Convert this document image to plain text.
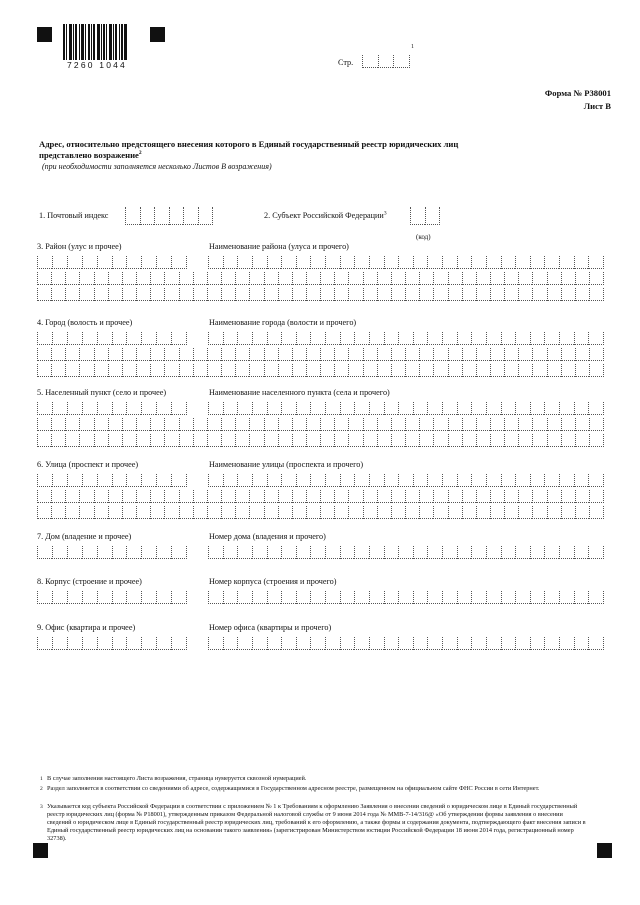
7260 1044	Стр.
1
Форма № Р38001
Лист В
Адрес, относительно предстоящего внесения которого в Единый государственный реестр юридических лиц
представлено возражение$^2$
(при необходимости заполняется несколько Листов В возражения)
1. Почтовый индекс	2. Субъект Российской Федерации$^3$
(код)
3. Район (улус и прочее)	Наименование района (улуса и прочего)
4. Город (волость и прочее)	Наименование города (волости и прочего)
5. Населенный пункт (село и прочее)	Наименование населенного пункта (села и прочего)
6. Улица (проспект и прочее)	Наименование улицы (проспекта и прочего)
7. Дом (владение и прочее)	Номер дома (владения и прочего)
8. Корпус (строение и прочее)	Номер корпуса (строения и прочего)
9. Офис (квартира и прочее)	Номер офиса (квартиры и прочего)
1 В случае заполнения настоящего Листа возражения, страница нумеруется сквозной нумерацией.
2 Раздел заполняется в соответствии со сведениями об адресе, содержащимися в Государственном адресном реестре, размещенном на официальном сайте ФНС России в сети Интернет.
3 Указывается код субъекта Российской Федерации в соответствии с приложением № 1 к Требованиям к оформлению Заявления о внесении сведений о юридическом лице в Единый государственный реестр юридических лиц (форма № Р18001), утвержденным приказом Федеральной налоговой службы от 9 июня 2014 года № ММВ-7-14/316@ «Об утверждении формы заявления о внесении сведений о юридическом лице в Единый государственный реестр юридических лиц, требований к его оформлению, а также формы и содержания документа, подтверждающего факт внесения записи в Единый государственный реестр юридических лиц на основании такого заявления» (зарегистрирован Министерством юстиции Российской Федерации 18 июня 2014 года, регистрационный номер 32738).
